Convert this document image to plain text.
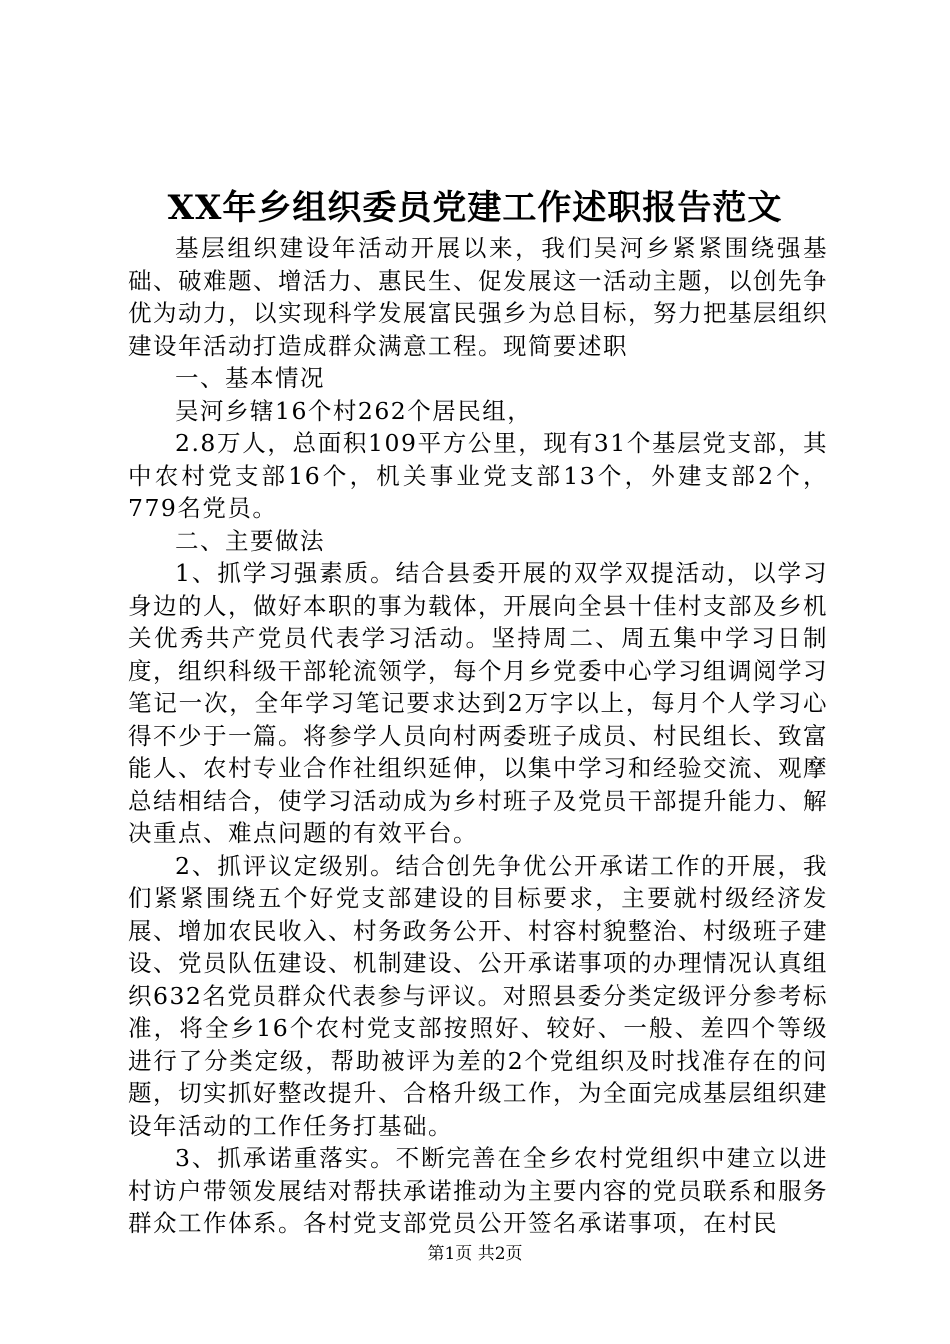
XX年乡组织委员党建工作述职报告范文

基层组织建设年活动开展以来，我们吴河乡紧紧围绕强基础、破难题、增活力、惠民生、促发展这一活动主题，以创先争优为动力，以实现科学发展富民强乡为总目标，努力把基层组织建设年活动打造成群众满意工程。现简要述职

一、基本情况

吴河乡辖16个村262个居民组，

2.8万人，总面积109平方公里，现有31个基层党支部，其中农村党支部16个，机关事业党支部13个，外建支部2个，779名党员。

二、主要做法

1、抓学习强素质。结合县委开展的双学双提活动，以学习身边的人，做好本职的事为载体，开展向全县十佳村支部及乡机关优秀共产党员代表学习活动。坚持周二、周五集中学习日制度，组织科级干部轮流领学，每个月乡党委中心学习组调阅学习笔记一次，全年学习笔记要求达到2万字以上，每月个人学习心得不少于一篇。将参学人员向村两委班子成员、村民组长、致富能人、农村专业合作社组织延伸，以集中学习和经验交流、观摩总结相结合，使学习活动成为乡村班子及党员干部提升能力、解决重点、难点问题的有效平台。

2、抓评议定级别。结合创先争优公开承诺工作的开展，我们紧紧围绕五个好党支部建设的目标要求，主要就村级经济发展、增加农民收入、村务政务公开、村容村貌整治、村级班子建设、党员队伍建设、机制建设、公开承诺事项的办理情况认真组织632名党员群众代表参与评议。对照县委分类定级评分参考标准，将全乡16个农村党支部按照好、较好、一般、差四个等级进行了分类定级，帮助被评为差的2个党组织及时找准存在的问题，切实抓好整改提升、合格升级工作，为全面完成基层组织建设年活动的工作任务打基础。

3、抓承诺重落实。不断完善在全乡农村党组织中建立以进村访户带领发展结对帮扶承诺推动为主要内容的党员联系和服务群众工作体系。各村党支部党员公开签名承诺事项，在村民

第1页 共2页
